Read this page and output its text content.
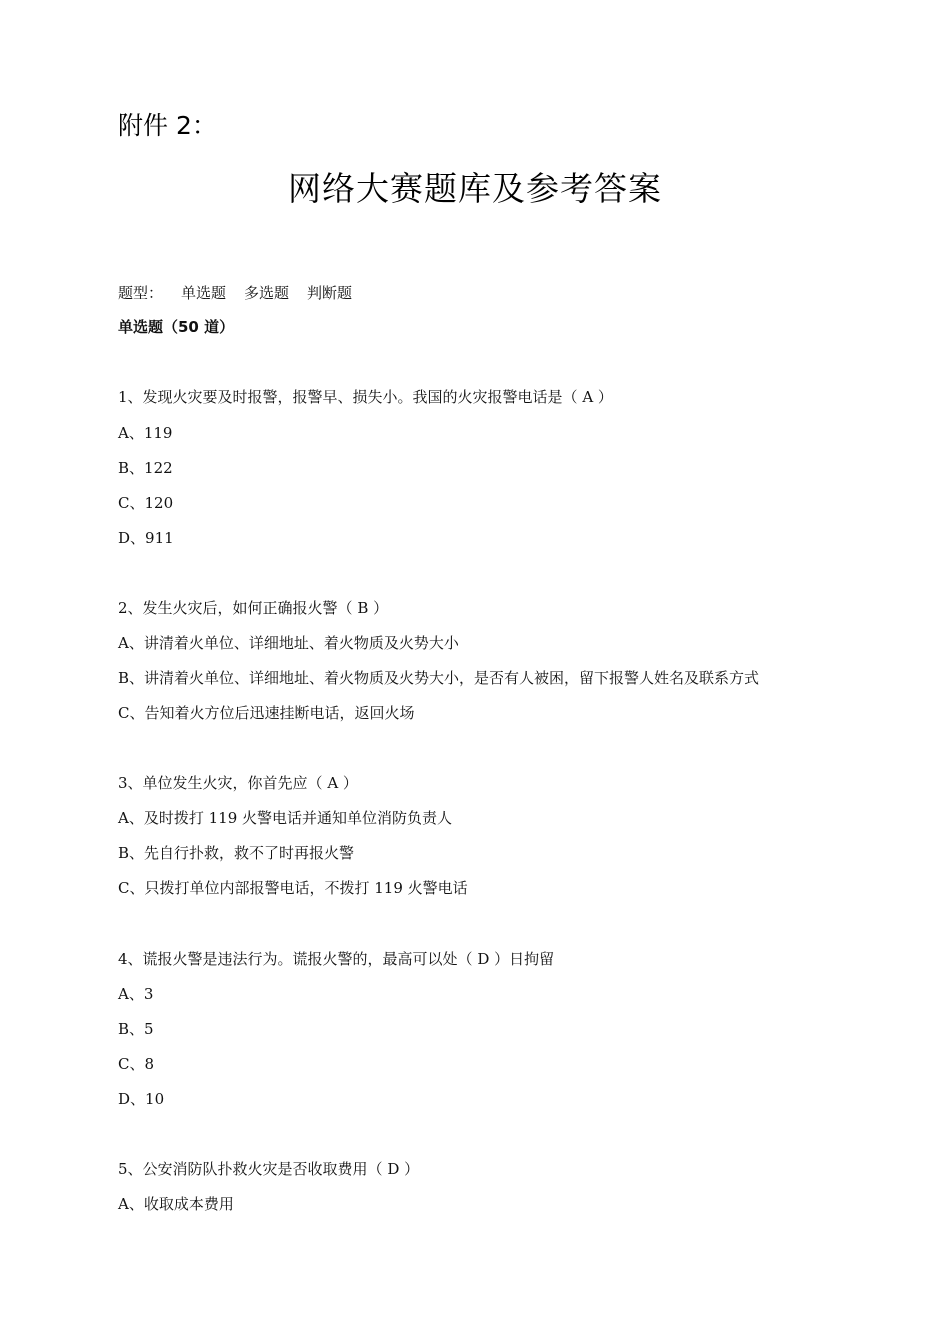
附件 2：
网络大赛题库及参考答案
题型： 单选题 多选题 判断题
单选题（50 道）
1、发现火灾要及时报警，报警早、损失小。我国的火灾报警电话是（ A ）
A、119
B、122
C、120
D、911
2、发生火灾后，如何正确报火警（ B ）
A、讲清着火单位、详细地址、着火物质及火势大小
B、讲清着火单位、详细地址、着火物质及火势大小，是否有人被困，留下报警人姓名及联系方式
C、告知着火方位后迅速挂断电话，返回火场
3、单位发生火灾，你首先应（ A ）
A、及时拨打 119 火警电话并通知单位消防负责人
B、先自行扑救，救不了时再报火警
C、只拨打单位内部报警电话，不拨打 119 火警电话
4、谎报火警是违法行为。谎报火警的，最高可以处（ D ）日拘留
A、3
B、5
C、8
D、10
5、公安消防队扑救火灾是否收取费用（ D ）
A、收取成本费用
